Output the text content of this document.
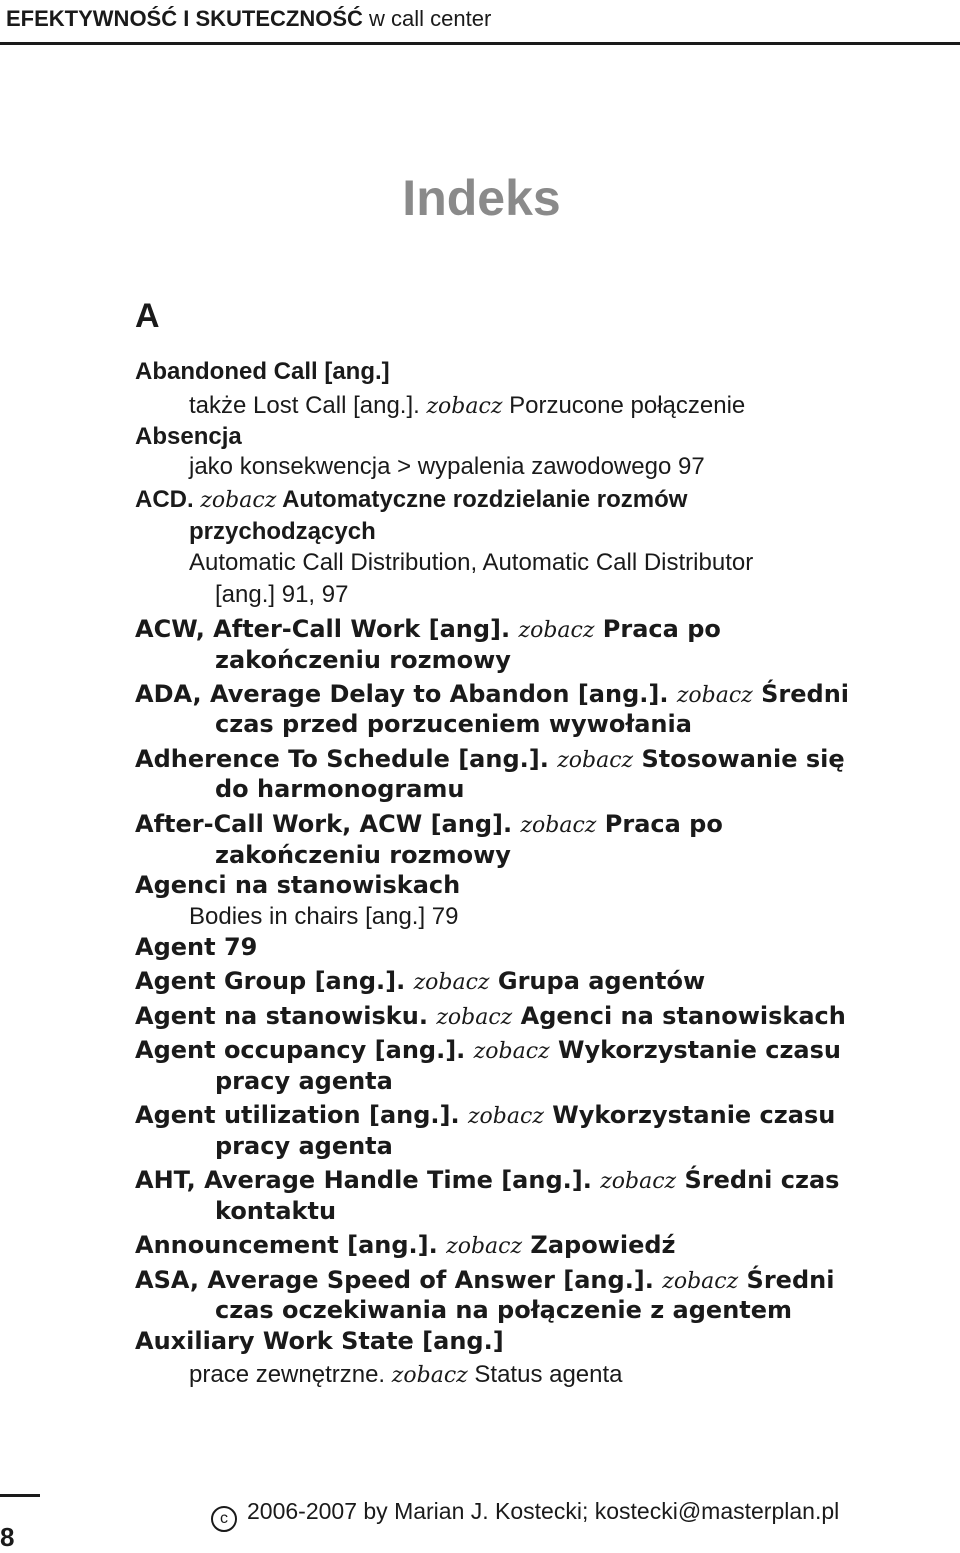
EFEKTYWNOŚĆ I SKUTECZNOŚĆ w call center
Indeks
A
Abandoned Call [ang.]
także Lost Call [ang.]. zobacz Porzucone połączenie
Absencja
jako konsekwencja > wypalenia zawodowego 97
ACD. zobacz Automatyczne rozdzielanie rozmów
przychodzących
Automatic Call Distribution, Automatic Call Distributor
[ang.] 91, 97
ACW, After-Call Work [ang]. zobacz Praca po
zakończeniu rozmowy
ADA, Average Delay to Abandon [ang.]. zobacz Średni
czas przed porzuceniem wywołania
Adherence To Schedule [ang.]. zobacz Stosowanie się
do harmonogramu
After-Call Work, ACW [ang]. zobacz Praca po
zakończeniu rozmowy
Agenci na stanowiskach
Bodies in chairs [ang.] 79
Agent 79
Agent Group [ang.]. zobacz Grupa agentów
Agent na stanowisku. zobacz Agenci na stanowiskach
Agent occupancy [ang.]. zobacz Wykorzystanie czasu
pracy agenta
Agent utilization [ang.]. zobacz Wykorzystanie czasu
pracy agenta
AHT, Average Handle Time [ang.]. zobacz Średni czas
kontaktu
Announcement [ang.]. zobacz Zapowiedź
ASA, Average Speed of Answer [ang.]. zobacz Średni
czas oczekiwania na połączenie z agentem
Auxiliary Work State [ang.]
prace zewnętrzne. zobacz Status agenta
8
c 2006-2007 by Marian J. Kostecki; kostecki@masterplan.pl
